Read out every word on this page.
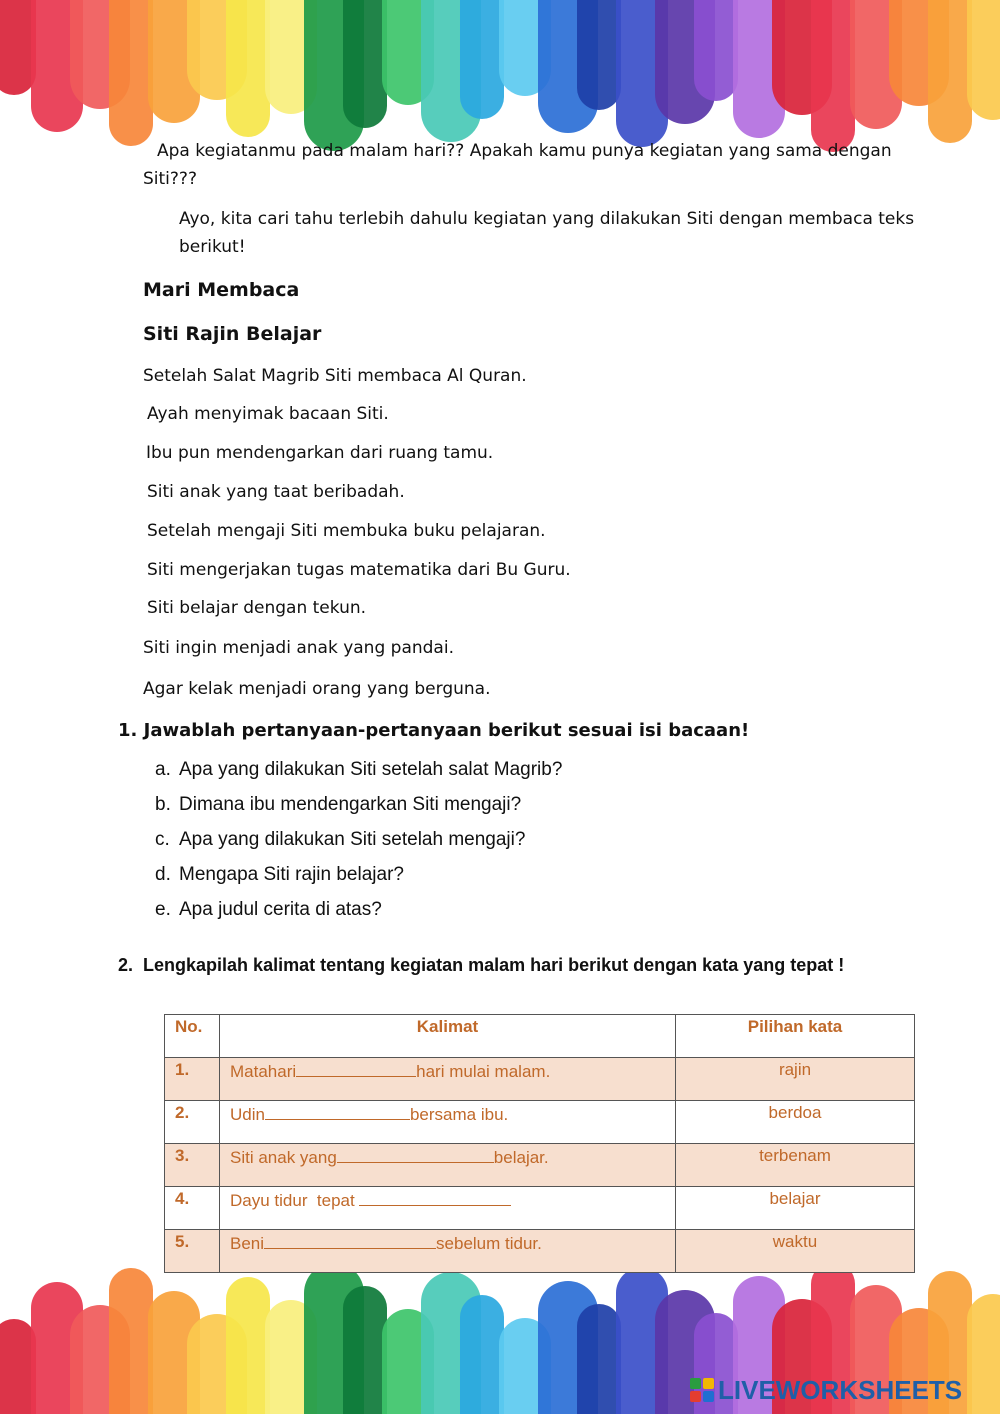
Apa kegiatanmu pada malam hari?? Apakah kamu punya kegiatan yang sama dengan
Siti???
Ayo, kita cari tahu terlebih dahulu kegiatan yang dilakukan Siti dengan membaca teks
berikut!
Mari Membaca
Siti Rajin Belajar
Setelah Salat Magrib Siti membaca Al Quran.
Ayah menyimak bacaan Siti.
Ibu pun mendengarkan dari ruang tamu.
Siti anak yang taat beribadah.
Setelah mengaji Siti membuka buku pelajaran.
Siti mengerjakan tugas matematika dari Bu Guru.
Siti belajar dengan tekun.
Siti ingin menjadi anak yang pandai.
Agar kelak menjadi orang yang berguna.
1. Jawablah pertanyaan-pertanyaan berikut sesuai isi bacaan!
a. Apa yang dilakukan Siti setelah salat Magrib?
b. Dimana ibu mendengarkan Siti mengaji?
c. Apa yang dilakukan Siti setelah mengaji?
d. Mengapa Siti rajin belajar?
e. Apa judul cerita di atas?
2. Lengkapilah kalimat tentang kegiatan malam hari berikut dengan kata yang tepat !
No.	Kalimat	Pilihan kata
1.	Matahari hari mulai malam.	rajin
2.	Udin bersama ibu.	berdoa
3.	Siti anak yang belajar.	terbenam
4.	Dayu tidur  tepat	belajar
5.	Beni sebelum tidur.	waktu
LIVEWORKSHEETS
